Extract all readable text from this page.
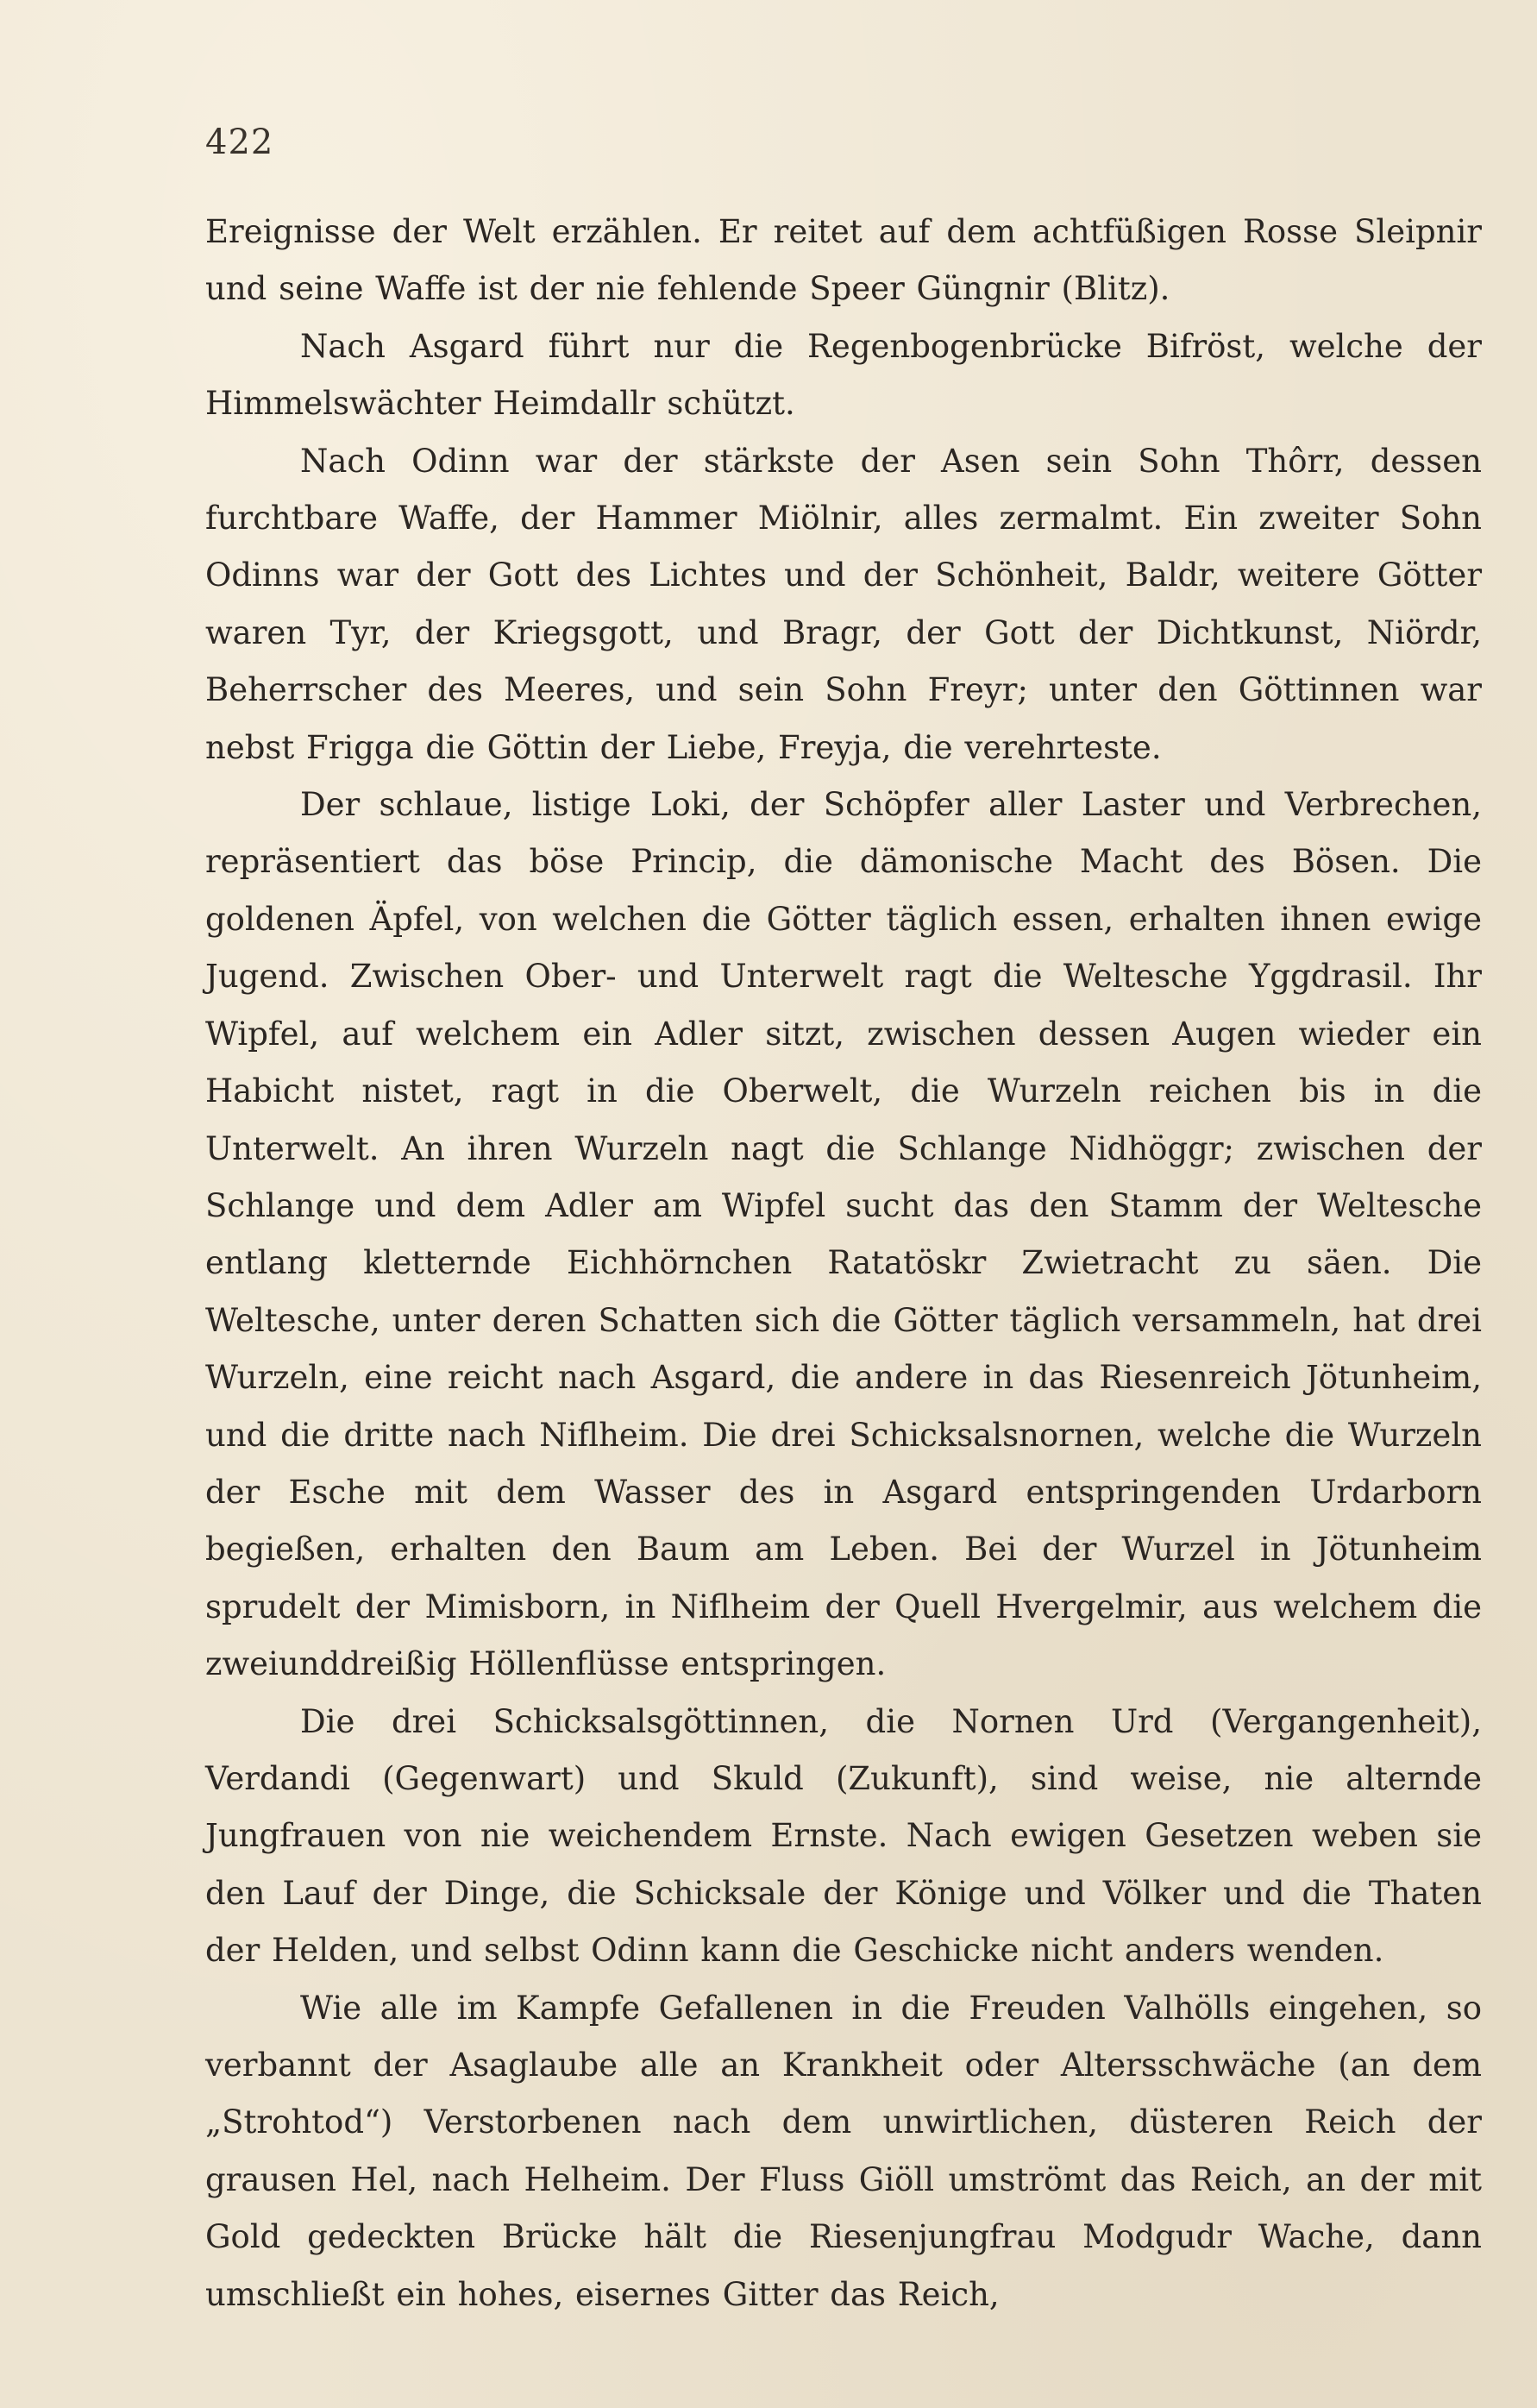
422

Ereignisse der Welt erzählen. Er reitet auf dem achtfüßigen Rosse Sleipnir und seine Waffe ist der nie fehlende Speer Güngnir (Blitz).

Nach Asgard führt nur die Regenbogenbrücke Bifröst, welche der Himmelswächter Heimdallr schützt.

Nach Odinn war der stärkste der Asen sein Sohn Thôrr, dessen furchtbare Waffe, der Hammer Miölnir, alles zermalmt. Ein zweiter Sohn Odinns war der Gott des Lichtes und der Schönheit, Baldr, weitere Götter waren Tyr, der Kriegsgott, und Bragr, der Gott der Dichtkunst, Niördr, Beherrscher des Meeres, und sein Sohn Freyr; unter den Göttinnen war nebst Frigga die Göttin der Liebe, Freyja, die verehrteste.

Der schlaue, listige Loki, der Schöpfer aller Laster und Verbrechen, repräsentiert das böse Princip, die dämonische Macht des Bösen. Die goldenen Äpfel, von welchen die Götter täglich essen, erhalten ihnen ewige Jugend. Zwischen Ober- und Unterwelt ragt die Weltesche Yggdrasil. Ihr Wipfel, auf welchem ein Adler sitzt, zwischen dessen Augen wieder ein Habicht nistet, ragt in die Oberwelt, die Wurzeln reichen bis in die Unterwelt. An ihren Wurzeln nagt die Schlange Nidhöggr; zwischen der Schlange und dem Adler am Wipfel sucht das den Stamm der Weltesche entlang kletternde Eichhörnchen Ratatöskr Zwietracht zu säen. Die Weltesche, unter deren Schatten sich die Götter täglich versammeln, hat drei Wurzeln, eine reicht nach Asgard, die andere in das Riesenreich Jötunheim, und die dritte nach Niflheim. Die drei Schicksalsnornen, welche die Wurzeln der Esche mit dem Wasser des in Asgard entspringenden Urdarborn begießen, erhalten den Baum am Leben. Bei der Wurzel in Jötunheim sprudelt der Mimisborn, in Niflheim der Quell Hvergelmir, aus welchem die zweiunddreißig Höllenflüsse entspringen.

Die drei Schicksalsgöttinnen, die Nornen Urd (Vergangenheit), Verdandi (Gegenwart) und Skuld (Zukunft), sind weise, nie alternde Jungfrauen von nie weichendem Ernste. Nach ewigen Gesetzen weben sie den Lauf der Dinge, die Schicksale der Könige und Völker und die Thaten der Helden, und selbst Odinn kann die Geschicke nicht anders wenden.

Wie alle im Kampfe Gefallenen in die Freuden Valhölls eingehen, so verbannt der Asaglaube alle an Krankheit oder Altersschwäche (an dem „Strohtod“) Verstorbenen nach dem unwirtlichen, düsteren Reich der grausen Hel, nach Helheim. Der Fluss Giöll umströmt das Reich, an der mit Gold gedeckten Brücke hält die Riesenjungfrau Modgudr Wache, dann umschließt ein hohes, eisernes Gitter das Reich,
